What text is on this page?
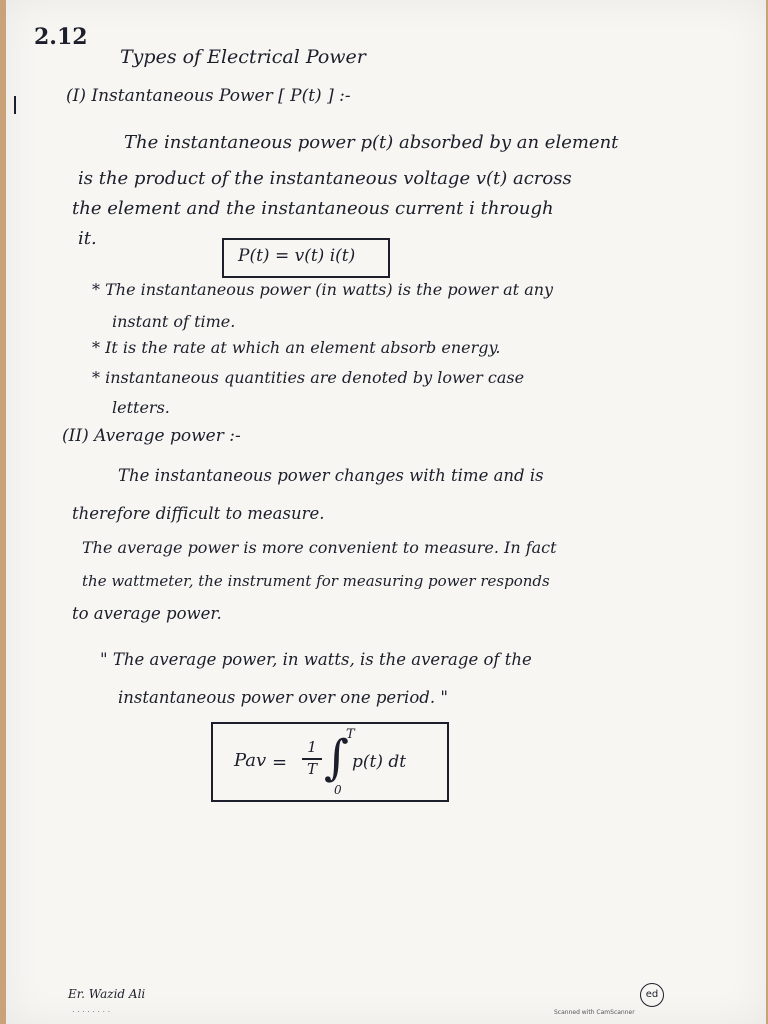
2.12
Types of Electrical Power
(I) Instantaneous Power [ P(t) ] :-
The instantaneous power p(t) absorbed by an element
is the product of the instantaneous voltage v(t) across
the element and the instantaneous current i through
it.
P(t) = v(t) i(t)
* The instantaneous power (in watts) is the power at any
instant of time.
* It is the rate at which an element absorb energy.
* instantaneous quantities are denoted by lower case
letters.
(II) Average power :-
The instantaneous power changes with time and is
therefore difficult to measure.
The average power is more convenient to measure. In fact
the wattmeter, the instrument for measuring power responds
to average power.
" The average power, in watts, is the average of the
instantaneous power over one period. "
Pav =
1
T ∫
T
0
p(t) dt
Er. Wazid Ali
. . . . . . . .
ed
Scanned with CamScanner
